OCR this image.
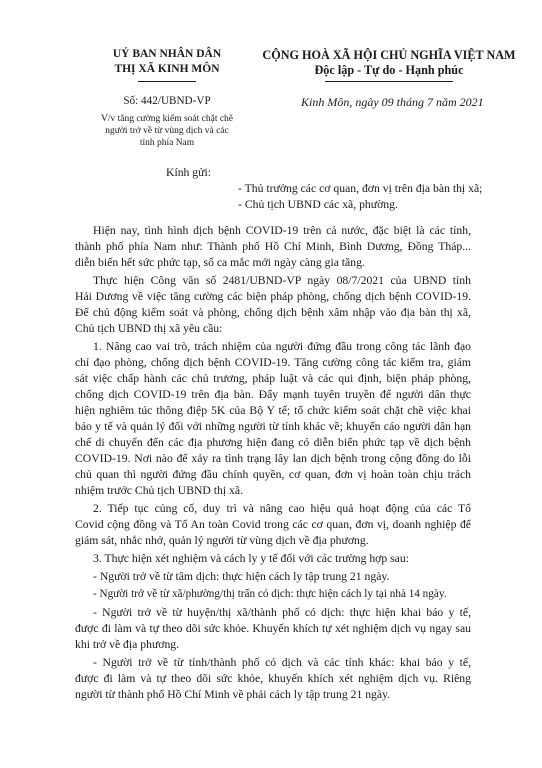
UỶ BAN NHÂN DÂN
THỊ XÃ KINH MÔN
CỘNG HOÀ XÃ HỘI CHỦ NGHĨA VIỆT NAM
Độc lập - Tự do - Hạnh phúc
Số: 442/UBND-VP	Kinh Môn, ngày 09 tháng 7 năm 2021
V/v tăng cường kiểm soát chặt chẽ
người trở về từ vùng dịch và các
tỉnh phía Nam
Kính gửi:
- Thủ trưởng các cơ quan, đơn vị trên địa bàn thị xã;
- Chủ tịch UBND các xã, phường.
Hiện nay, tình hình dịch bệnh COVID-19 trên cả nước, đặc biệt là các tỉnh,
thành phố phía Nam như: Thành phố Hồ Chí Minh, Bình Dương, Đồng Tháp...
diễn biến hết sức phức tạp, số ca mắc mới ngày càng gia tăng.
Thực hiện Công văn số 2481/UBND-VP ngày 08/7/2021 của UBND tỉnh
Hải Dương về việc tăng cường các biện pháp phòng, chống dịch bệnh COVID-19.
Để chủ động kiểm soát và phòng, chống dịch bệnh xâm nhập vào địa bàn thị xã,
Chủ tịch UBND thị xã yêu cầu:
1. Nâng cao vai trò, trách nhiệm của người đứng đầu trong công tác lãnh đạo
chỉ đạo phòng, chống dịch bệnh COVID-19. Tăng cường công tác kiểm tra, giám
sát việc chấp hành các chủ trương, pháp luật và các qui định, biện pháp phòng,
chống dịch COVID-19 trên địa bàn. Đẩy mạnh tuyên truyền để người dân thực
hiện nghiêm túc thông điệp 5K của Bộ Y tế; tổ chức kiểm soát chặt chẽ việc khai
báo y tế và quản lý đối với những người từ tỉnh khác về; khuyến cáo người dân hạn
chế di chuyển đến các địa phương hiện đang có diễn biến phức tạp về dịch bệnh
COVID-19. Nơi nào để xảy ra tình trạng lây lan dịch bệnh trong cộng đồng do lỗi
chủ quan thì người đứng đầu chính quyền, cơ quan, đơn vị hoàn toàn chịu trách
nhiệm trước Chủ tịch UBND thị xã.
2. Tiếp tục củng cố, duy trì và nâng cao hiệu quả hoạt động của các Tổ
Covid cộng đồng và Tổ An toàn Covid trong các cơ quan, đơn vị, doanh nghiệp để
giám sát, nhắc nhở, quản lý người từ vùng dịch về địa phương.
3. Thực hiện xét nghiệm và cách ly y tế đối với các trường hợp sau:
- Người trở về từ tâm dịch: thực hiện cách ly tập trung 21 ngày.
- Người trở về từ xã/phường/thị trấn có dịch: thực hiện cách ly tại nhà 14 ngày.
- Người trở về từ huyện/thị xã/thành phố có dịch: thực hiện khai báo y tế,
được đi làm và tự theo dõi sức khỏe. Khuyến khích tự xét nghiệm dịch vụ ngay sau
khi trở về địa phương.
- Người trở về từ tỉnh/thành phố có dịch và các tỉnh khác: khai báo y tế,
được đi làm và tự theo dõi sức khỏe, khuyến khích xét nghiệm dịch vụ. Riêng
người từ thành phố Hồ Chí Minh về phải cách ly tập trung 21 ngày.
